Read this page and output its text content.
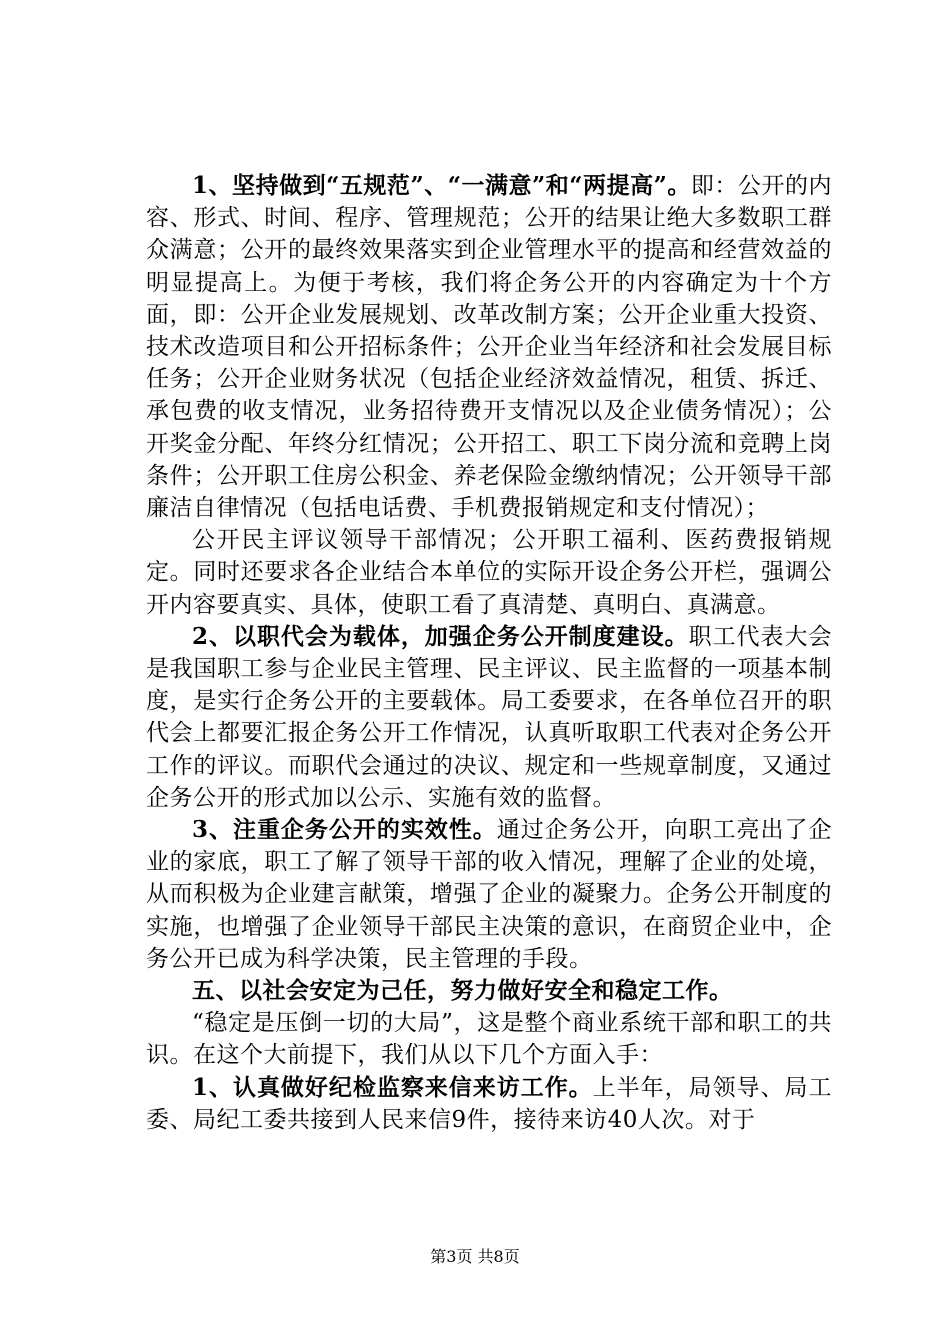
1、坚持做到“五规范”、“一满意”和“两提高”。即：公开的内容、形式、时间、程序、管理规范；公开的结果让绝大多数职工群众满意；公开的最终效果落实到企业管理水平的提高和经营效益的明显提高上。为便于考核，我们将企务公开的内容确定为十个方面，即：公开企业发展规划、改革改制方案；公开企业重大投资、技术改造项目和公开招标条件；公开企业当年经济和社会发展目标任务；公开企业财务状况（包括企业经济效益情况，租赁、拆迁、承包费的收支情况，业务招待费开支情况以及企业债务情况）；公开奖金分配、年终分红情况；公开招工、职工下岗分流和竞聘上岗条件；公开职工住房公积金、养老保险金缴纳情况；公开领导干部廉洁自律情况（包括电话费、手机费报销规定和支付情况）；

公开民主评议领导干部情况；公开职工福利、医药费报销规定。同时还要求各企业结合本单位的实际开设企务公开栏，强调公开内容要真实、具体，使职工看了真清楚、真明白、真满意。

2、以职代会为载体，加强企务公开制度建设。职工代表大会是我国职工参与企业民主管理、民主评议、民主监督的一项基本制度，是实行企务公开的主要载体。局工委要求，在各单位召开的职代会上都要汇报企务公开工作情况，认真听取职工代表对企务公开工作的评议。而职代会通过的决议、规定和一些规章制度，又通过企务公开的形式加以公示、实施有效的监督。

3、注重企务公开的实效性。通过企务公开，向职工亮出了企业的家底，职工了解了领导干部的收入情况，理解了企业的处境，从而积极为企业建言献策，增强了企业的凝聚力。企务公开制度的实施，也增强了企业领导干部民主决策的意识，在商贸企业中，企务公开已成为科学决策，民主管理的手段。

五、以社会安定为己任，努力做好安全和稳定工作。

“稳定是压倒一切的大局”，这是整个商业系统干部和职工的共识。在这个大前提下，我们从以下几个方面入手：

1、认真做好纪检监察来信来访工作。上半年，局领导、局工委、局纪工委共接到人民来信9件，接待来访40人次。对于

第3页 共8页
